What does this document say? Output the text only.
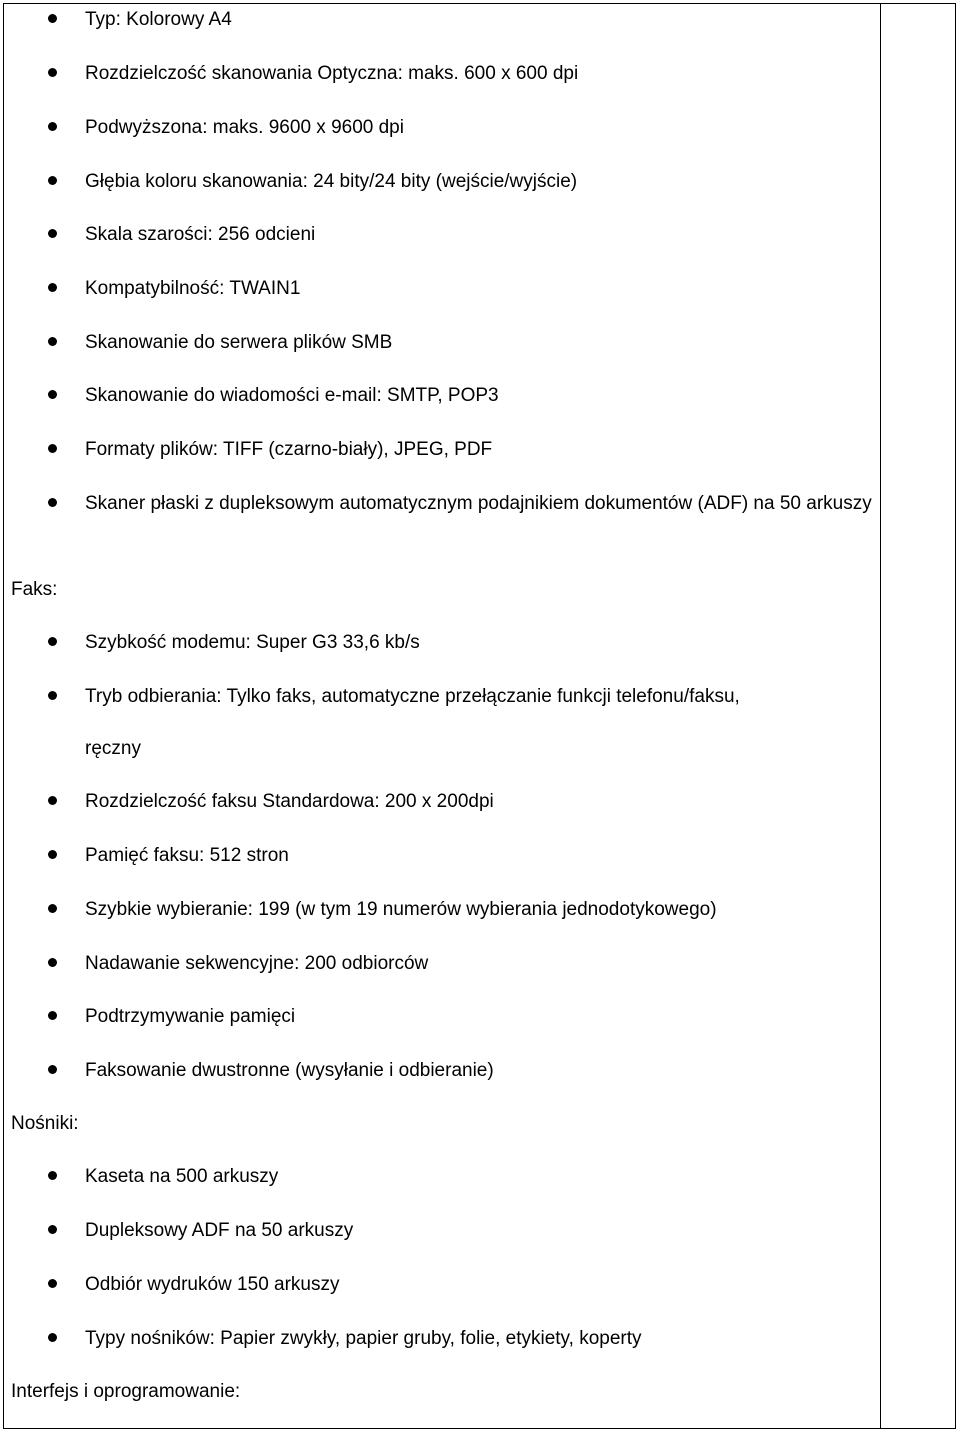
Typ: Kolorowy A4
Rozdzielczość skanowania Optyczna: maks. 600 x 600 dpi
Podwyższona: maks. 9600 x 9600 dpi
Głębia koloru skanowania: 24 bity/24 bity (wejście/wyjście)
Skala szarości: 256 odcieni
Kompatybilność: TWAIN1
Skanowanie do serwera plików SMB
Skanowanie do wiadomości e-mail: SMTP, POP3
Formaty plików: TIFF (czarno-biały), JPEG, PDF
Skaner płaski z dupleksowym automatycznym podajnikiem dokumentów (ADF) na 50 arkuszy
Faks:
Szybkość modemu: Super G3 33,6 kb/s
Tryb odbierania: Tylko faks, automatyczne przełączanie funkcji telefonu/faksu,
ręczny
Rozdzielczość faksu Standardowa: 200 x 200dpi
Pamięć faksu: 512 stron
Szybkie wybieranie: 199 (w tym 19 numerów wybierania jednodotykowego)
Nadawanie sekwencyjne: 200 odbiorców
Podtrzymywanie pamięci
Faksowanie dwustronne (wysyłanie i odbieranie)
Nośniki:
Kaseta na 500 arkuszy
Dupleksowy ADF na 50 arkuszy
Odbiór wydruków 150 arkuszy
Typy nośników: Papier zwykły, papier gruby, folie, etykiety, koperty
Interfejs i oprogramowanie:
